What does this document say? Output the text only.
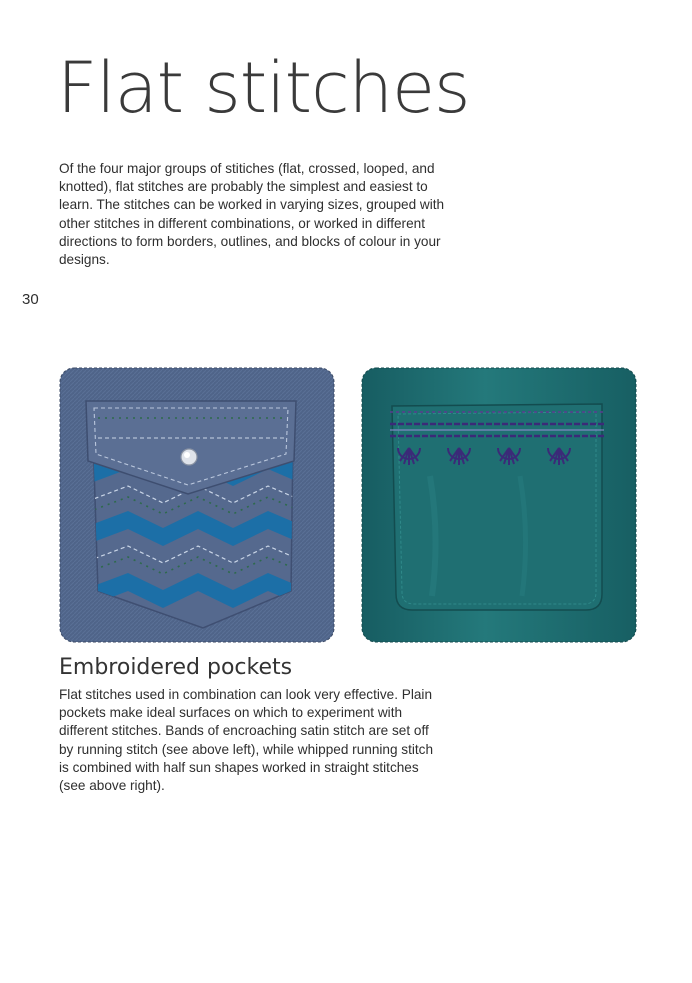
Flat stitches

Of the four major groups of stitiches (flat, crossed, looped, and knotted), flat stitches are probably the simplest and easiest to learn. The stitches can be worked in varying sizes, grouped with other stitches in different combinations, or worked in different directions to form borders, outlines, and blocks of colour in your designs.

30
Embroidered pockets

Flat stitches used in combination can look very effective. Plain pockets make ideal surfaces on which to experiment with different stitches. Bands of encroaching satin stitch are set off by running stitch (see above left), while whipped running stitch is combined with half sun shapes worked in straight stitches (see above right).
